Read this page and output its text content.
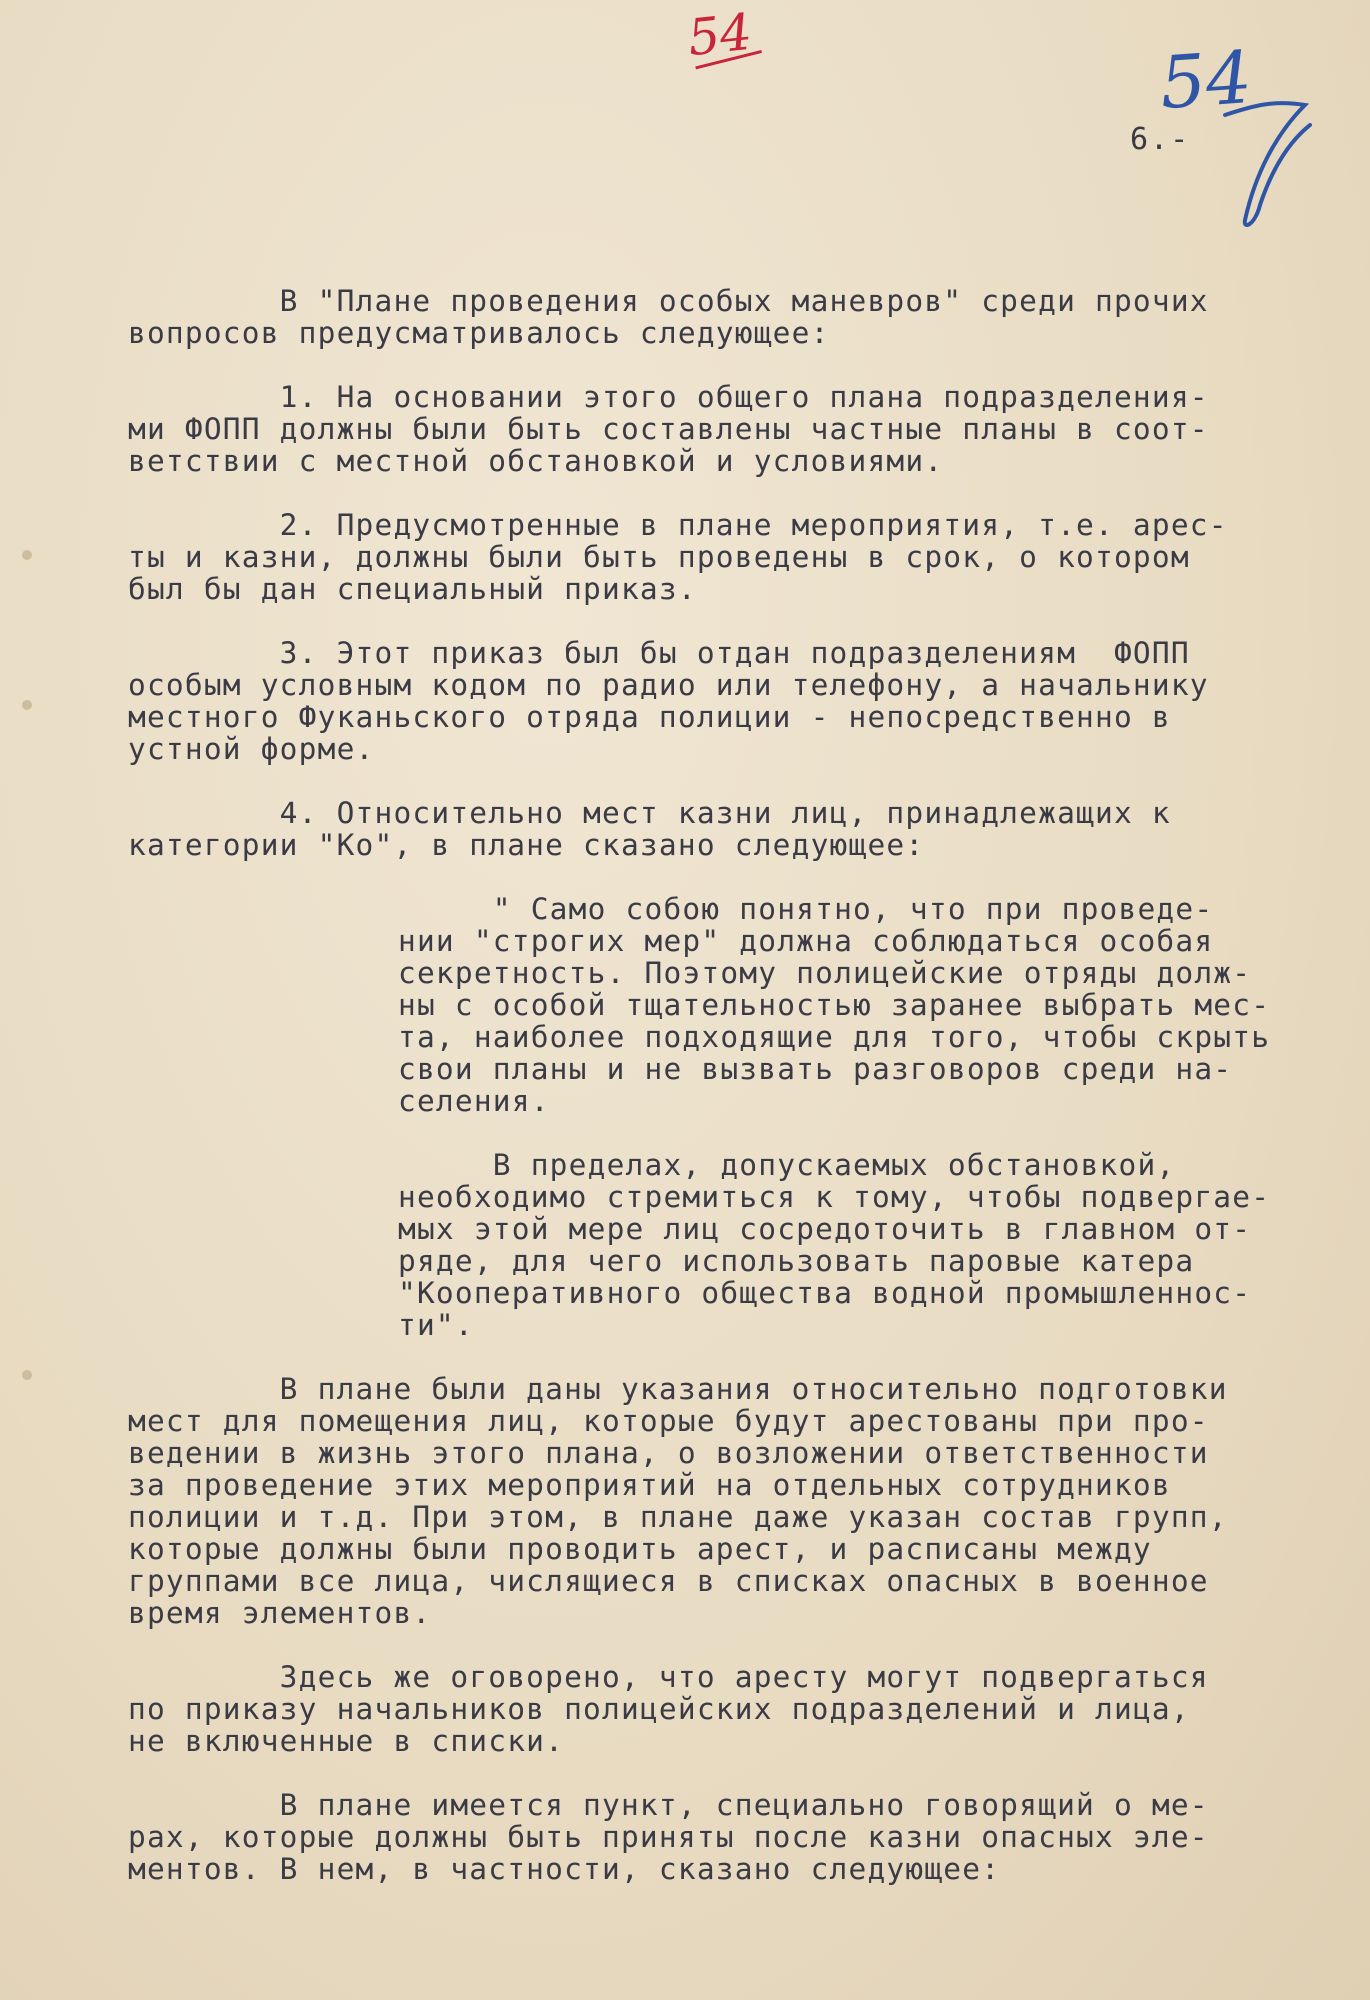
54	54
6.-
В "Плане проведения особых маневров" среди прочих
вопросов предусматривалось следующее:
1. На основании этого общего плана подразделения-
ми ФОПП должны были быть составлены частные планы в соот-
ветствии с местной обстановкой и условиями.
2. Предусмотренные в плане мероприятия, т.е. арес-
ты и казни, должны были быть проведены в срок, о котором
был бы дан специальный приказ.
3. Этот приказ был бы отдан подразделениям  ФОПП
особым условным кодом по радио или телефону, а начальнику
местного Фуканьского отряда полиции - непосредственно в
устной форме.
4. Относительно мест казни лиц, принадлежащих к
категории "Ко", в плане сказано следующее:
" Само собою понятно, что при проведе-
нии "строгих мер" должна соблюдаться особая
секретность. Поэтому полицейские отряды долж-
ны с особой тщательностью заранее выбрать мес-
та, наиболее подходящие для того, чтобы скрыть
свои планы и не вызвать разговоров среди на-
селения.
В пределах, допускаемых обстановкой,
необходимо стремиться к тому, чтобы подвергае-
мых этой мере лиц сосредоточить в главном от-
ряде, для чего использовать паровые катера
"Кооперативного общества водной промышленнос-
ти".
В плане были даны указания относительно подготовки
мест для помещения лиц, которые будут арестованы при про-
ведении в жизнь этого плана, о возложении ответственности
за проведение этих мероприятий на отдельных сотрудников
полиции и т.д. При этом, в плане даже указан состав групп,
которые должны были проводить арест, и расписаны между
группами все лица, числящиеся в списках опасных в военное
время элементов.
Здесь же оговорено, что аресту могут подвергаться
по приказу начальников полицейских подразделений и лица,
не включенные в списки.
В плане имеется пункт, специально говорящий о ме-
рах, которые должны быть приняты после казни опасных эле-
ментов. В нем, в частности, сказано следующее:
